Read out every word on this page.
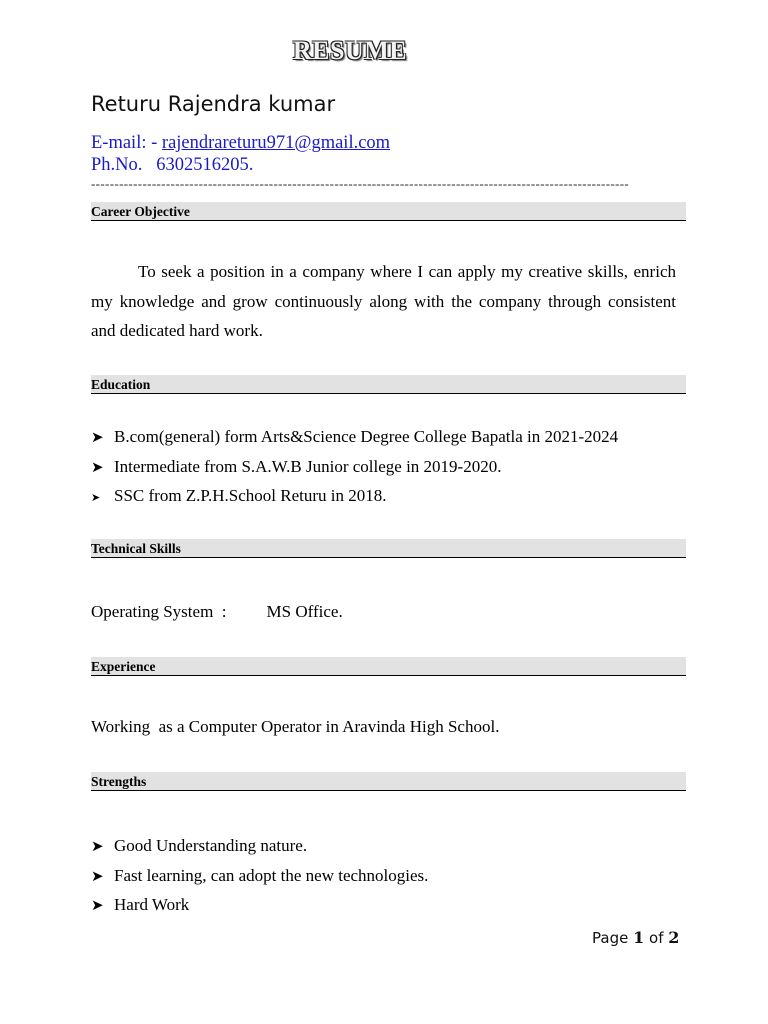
RESUME
Returu Rajendra kumar
E-mail: - rajendrareturu971@gmail.com
Ph.No. 6302516205.
-------------------------------------------------------------------------------------------------------------------
Career Objective
To seek a position in a company where I can apply my creative skills, enrich my knowledge and grow continuously along with the company through consistent and dedicated hard work.
Education
➤ B.com(general) form Arts&Science Degree College Bapatla in 2021-2024
➤ Intermediate from S.A.W.B Junior college in 2019-2020.
➤ SSC from Z.P.H.School Returu in 2018.
Technical Skills
Operating System  : MS Office.
Experience
Working  as a Computer Operator in Aravinda High School.
Strengths
➤ Good Understanding nature.
➤ Fast learning, can adopt the new technologies.
➤ Hard Work
Page 1 of 2
